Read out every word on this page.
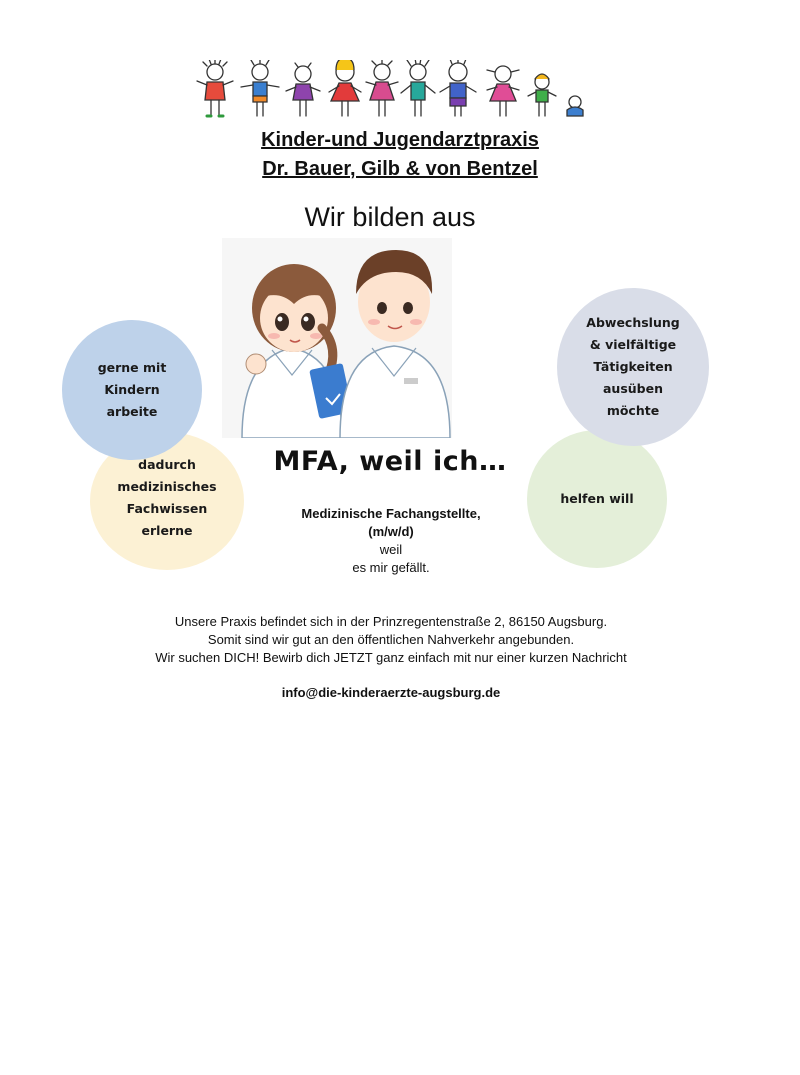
Kinder-und Jugendarztpraxis
Dr. Bauer, Gilb & von Bentzel
Wir bilden aus
dadurch
medizinisches
Fachwissen
erlerne
gerne mit
Kindern
arbeite
Abwechslung
& vielfältige
Tätigkeiten
ausüben
möchte
helfen will
MFA, weil ich…
Medizinische Fachangstellte,
(m/w/d)
weil
es mir gefällt.
Unsere Praxis befindet sich in der Prinzregentenstraße 2, 86150 Augsburg.
Somit sind wir gut an den öffentlichen Nahverkehr angebunden.
Wir suchen DICH! Bewirb dich JETZT ganz einfach mit nur einer kurzen Nachricht
info@die-kinderaerzte-augsburg.de
